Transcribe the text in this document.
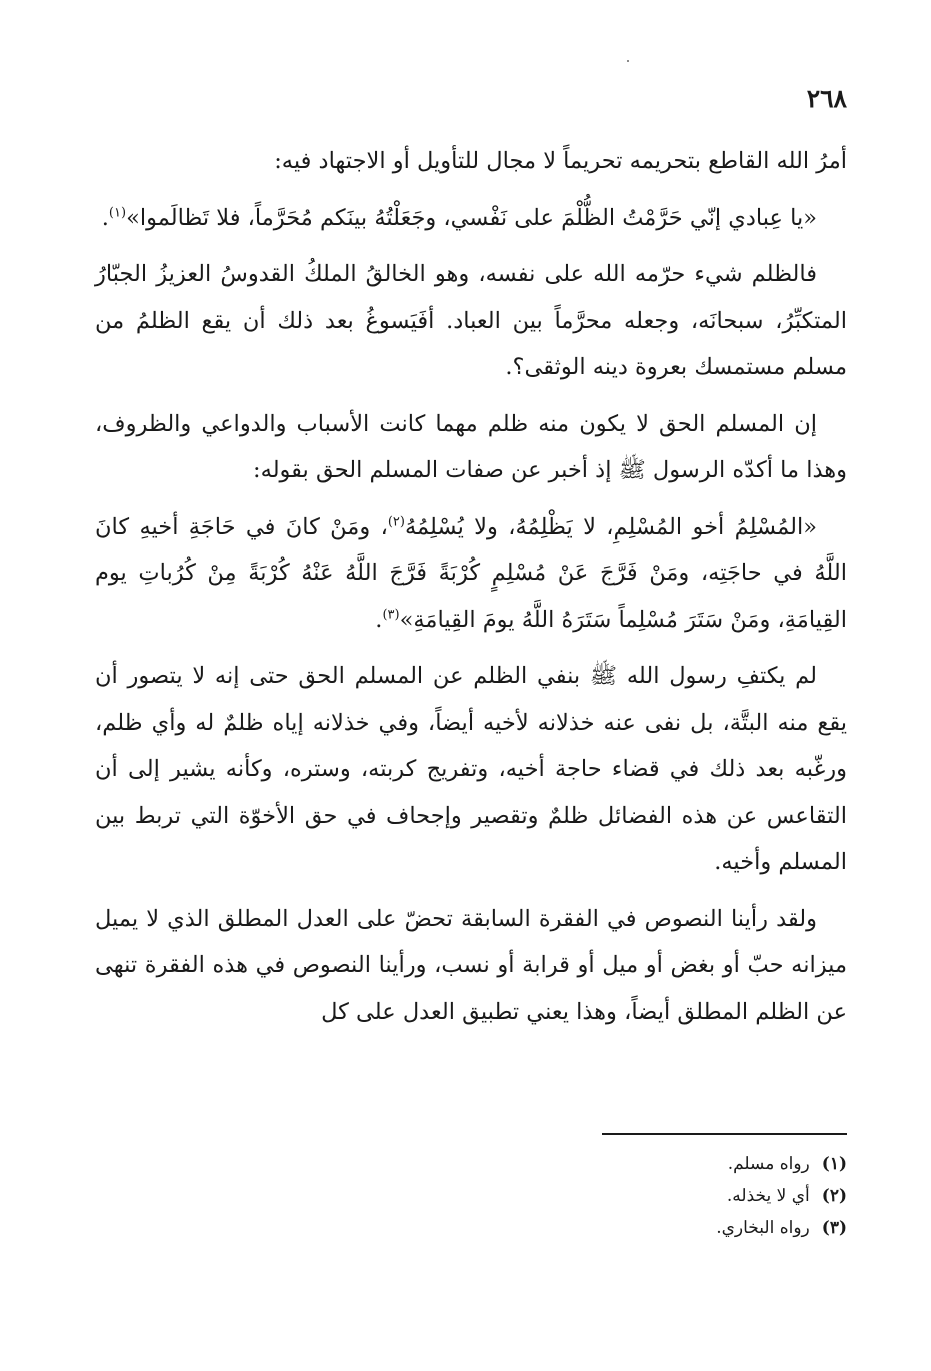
٢٦٨

أمرُ الله القاطع بتحريمه تحريماً لا مجال للتأويل أو الاجتهاد فيه:

«يا عِبادي إنّي حَرَّمْتُ الظُّلْمَ على نَفْسي، وجَعَلْتُهُ بينَكم مُحَرَّماً، فلا تَظالَموا»$^{(١)}$.

فالظلم شيء حرّمه الله على نفسه، وهو الخالقُ الملكُ القدوسُ العزيزُ الجبّارُ المتكبِّرُ، سبحانَه، وجعله محرَّماً بين العباد. أفَيَسوغُ بعد ذلك أن يقع الظلمُ من مسلم مستمسك بعروة دينه الوثقى؟.

إن المسلم الحق لا يكون منه ظلم مهما كانت الأسباب والدواعي والظروف، وهذا ما أكدّه الرسول ﷺ إذ أخبر عن صفات المسلم الحق بقوله:

«المُسْلِمُ أخو المُسْلِمِ، لا يَظْلِمُهُ، ولا يُسْلِمُهُ$^{(٢)}$، ومَنْ كانَ في حَاجَةِ أخيهِ كانَ اللَّهُ في حاجَتِه، ومَنْ فَرَّجَ عَنْ مُسْلِمٍ كُرْبَةً فَرَّجَ اللَّهُ عَنْهُ كُرْبَةً مِنْ كُرُباتِ يوم القِيامَةِ، ومَنْ سَتَرَ مُسْلِماً سَتَرَهُ اللَّهُ يومَ القِيامَةِ»$^{(٣)}$.

لم يكتفِ رسول الله ﷺ بنفي الظلم عن المسلم الحق حتى إنه لا يتصور أن يقع منه البتَّة، بل نفى عنه خذلانه لأخيه أيضاً، وفي خذلانه إياه ظلمٌ له وأي ظلم، ورغّبه بعد ذلك في قضاء حاجة أخيه، وتفريج كربته، وستره، وكأنه يشير إلى أن التقاعس عن هذه الفضائل ظلمٌ وتقصير وإجحاف في حق الأخوّة التي تربط بين المسلم وأخيه.

ولقد رأينا النصوص في الفقرة السابقة تحضّ على العدل المطلق الذي لا يميل ميزانه حبّ أو بغض أو ميل أو قرابة أو نسب، ورأينا النصوص في هذه الفقرة تنهى عن الظلم المطلق أيضاً، وهذا يعني تطبيق العدل على كل

(١)
رواه مسلم.
(٢)
أي لا يخذله.
(٣)
رواه البخاري.
